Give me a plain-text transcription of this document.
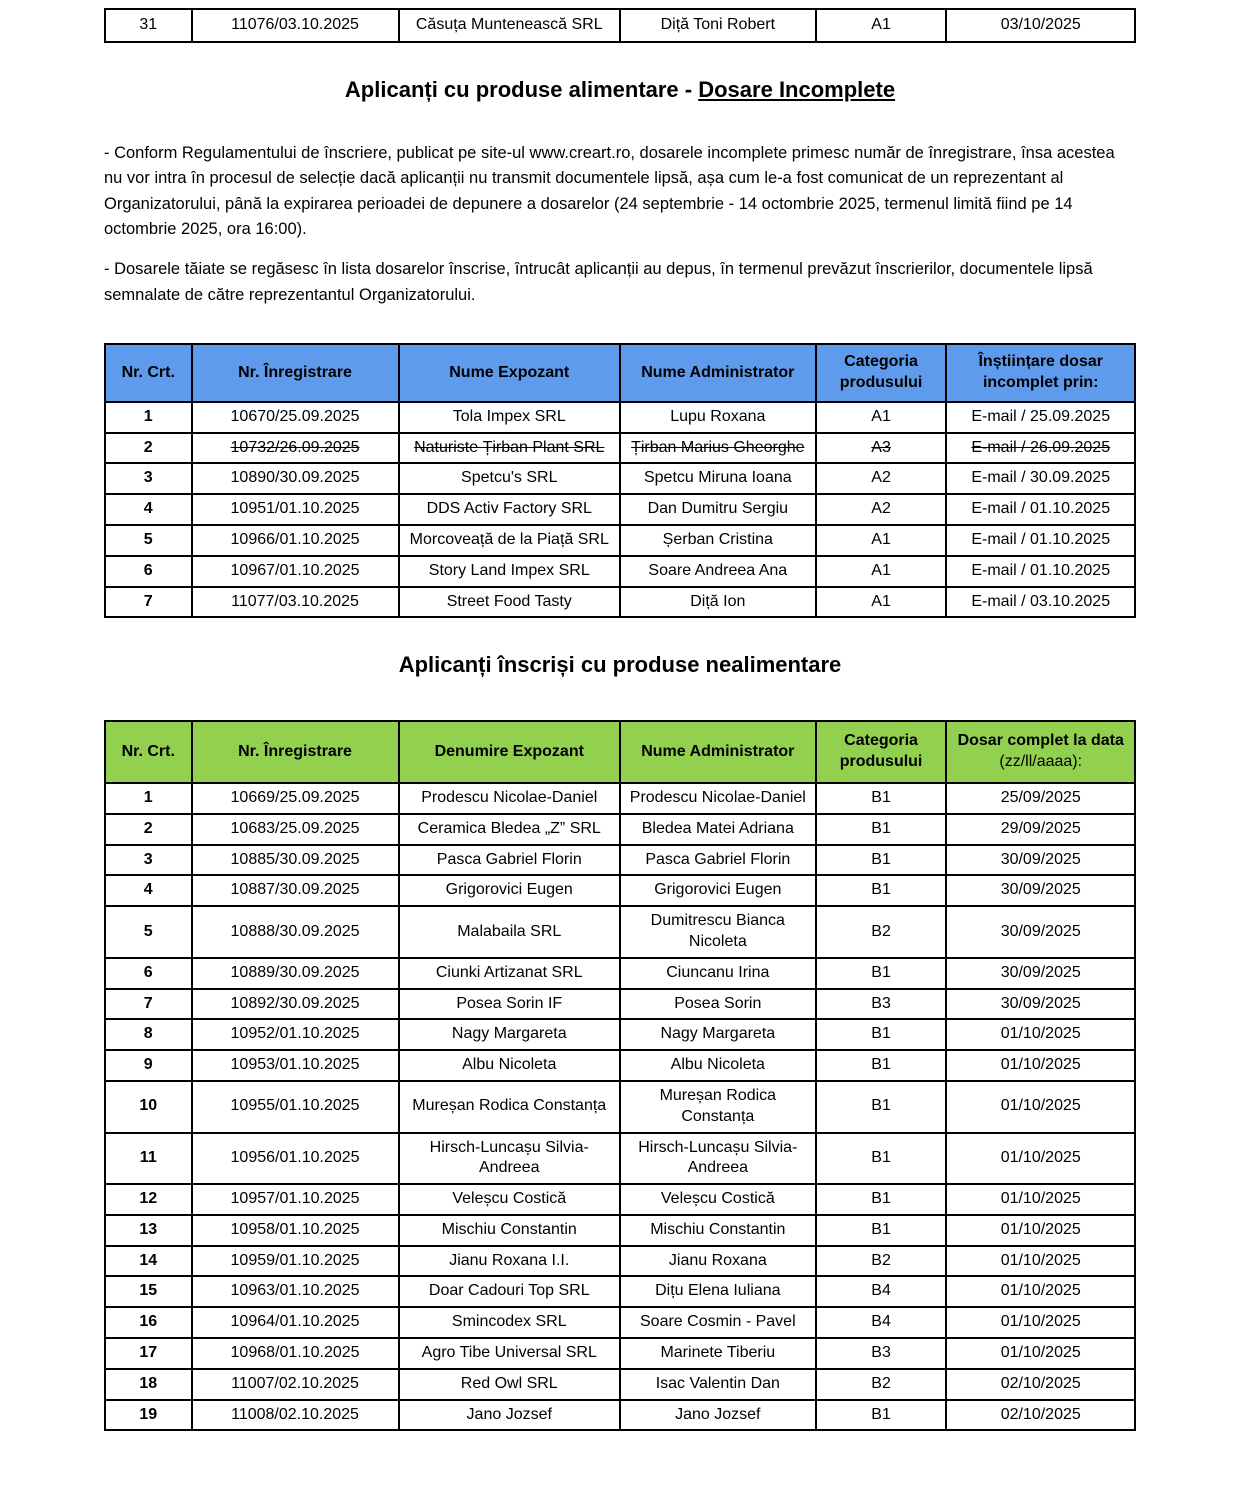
31	11076/03.10.2025	Căsuța Muntenească SRL	Diță Toni Robert	A1	03/10/2025
Aplicanți cu produse alimentare - Dosare Incomplete

- Conform Regulamentului de înscriere, publicat pe site-ul www.creart.ro, dosarele incomplete primesc număr de înregistrare, însa acestea nu vor intra în procesul de selecție dacă aplicanții nu transmit documentele lipsă, așa cum le-a fost comunicat de un reprezentant al Organizatorului, până la expirarea perioadei de depunere a dosarelor (24 septembrie - 14 octombrie 2025, termenul limită fiind pe 14 octombrie 2025, ora 16:00).

- Dosarele tăiate se regăsesc în lista dosarelor înscrise, întrucât aplicanții au depus, în termenul prevăzut înscrierilor, documentele lipsă semnalate de către reprezentantul Organizatorului.

Nr. Crt.	Nr. Înregistrare	Nume Expozant	Nume Administrator	Categoria produsului	Înștiințare dosar incomplet prin:
1	10670/25.09.2025	Tola Impex SRL	Lupu Roxana	A1	E-mail / 25.09.2025
2	10732/26.09.2025	Naturiste Țirban Plant SRL	Țirban Marius Gheorghe	A3	E-mail / 26.09.2025
3	10890/30.09.2025	Spetcu's SRL	Spetcu Miruna Ioana	A2	E-mail / 30.09.2025
4	10951/01.10.2025	DDS Activ Factory SRL	Dan Dumitru Sergiu	A2	E-mail / 01.10.2025
5	10966/01.10.2025	Morcoveață de la Piață SRL	Șerban Cristina	A1	E-mail / 01.10.2025
6	10967/01.10.2025	Story Land Impex SRL	Soare Andreea Ana	A1	E-mail / 01.10.2025
7	11077/03.10.2025	Street Food Tasty	Diță Ion	A1	E-mail / 03.10.2025
Aplicanți înscriși cu produse nealimentare
Nr. Crt.	Nr. Înregistrare	Denumire Expozant	Nume Administrator	Categoria produsului	Dosar complet la data
(zz/ll/aaaa):

1	10669/25.09.2025	Prodescu Nicolae-Daniel	Prodescu Nicolae-Daniel	B1	25/09/2025
2	10683/25.09.2025	Ceramica Bledea „Z” SRL	Bledea Matei Adriana	B1	29/09/2025
3	10885/30.09.2025	Pasca Gabriel Florin	Pasca Gabriel Florin	B1	30/09/2025
4	10887/30.09.2025	Grigorovici Eugen	Grigorovici Eugen	B1	30/09/2025
5	10888/30.09.2025	Malabaila SRL	Dumitrescu Bianca Nicoleta	B2	30/09/2025
6	10889/30.09.2025	Ciunki Artizanat SRL	Ciuncanu Irina	B1	30/09/2025
7	10892/30.09.2025	Posea Sorin IF	Posea Sorin	B3	30/09/2025
8	10952/01.10.2025	Nagy Margareta	Nagy Margareta	B1	01/10/2025
9	10953/01.10.2025	Albu Nicoleta	Albu Nicoleta	B1	01/10/2025
10	10955/01.10.2025	Mureșan Rodica Constanța	Mureșan Rodica Constanța	B1	01/10/2025
11	10956/01.10.2025	Hirsch-Luncașu Silvia-Andreea	Hirsch-Luncașu Silvia-Andreea	B1	01/10/2025
12	10957/01.10.2025	Veleșcu Costică	Veleșcu Costică	B1	01/10/2025
13	10958/01.10.2025	Mischiu Constantin	Mischiu Constantin	B1	01/10/2025
14	10959/01.10.2025	Jianu Roxana I.I.	Jianu Roxana	B2	01/10/2025
15	10963/01.10.2025	Doar Cadouri Top SRL	Dițu Elena Iuliana	B4	01/10/2025
16	10964/01.10.2025	Smincodex SRL	Soare Cosmin - Pavel	B4	01/10/2025
17	10968/01.10.2025	Agro Tibe Universal SRL	Marinete Tiberiu	B3	01/10/2025
18	11007/02.10.2025	Red Owl SRL	Isac Valentin Dan	B2	02/10/2025
19	11008/02.10.2025	Jano Jozsef	Jano Jozsef	B1	02/10/2025
